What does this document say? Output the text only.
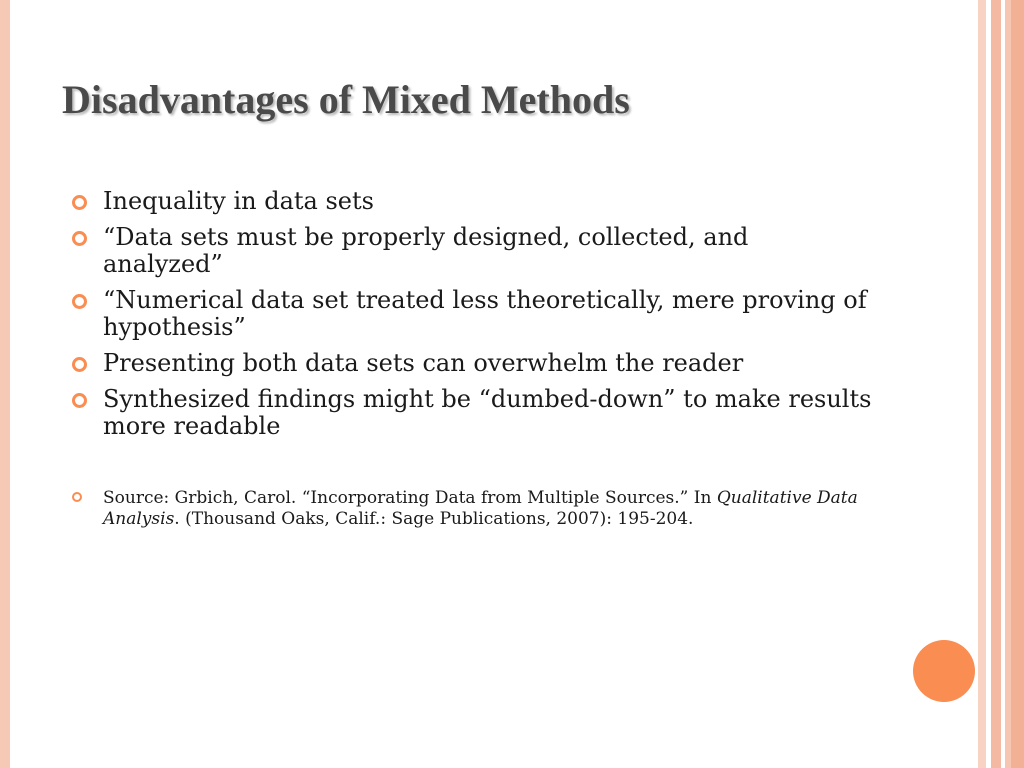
Disadvantages of Mixed Methods
Inequality in data sets
“Data sets must be properly designed, collected, and analyzed”
“Numerical data set treated less theoretically, mere proving of hypothesis”
Presenting both data sets can overwhelm the reader
Synthesized findings might be “dumbed-down” to make results more readable
Source: Grbich, Carol. “Incorporating Data from Multiple Sources.” In Qualitative Data Analysis. (Thousand Oaks, Calif.: Sage Publications, 2007): 195-204.
